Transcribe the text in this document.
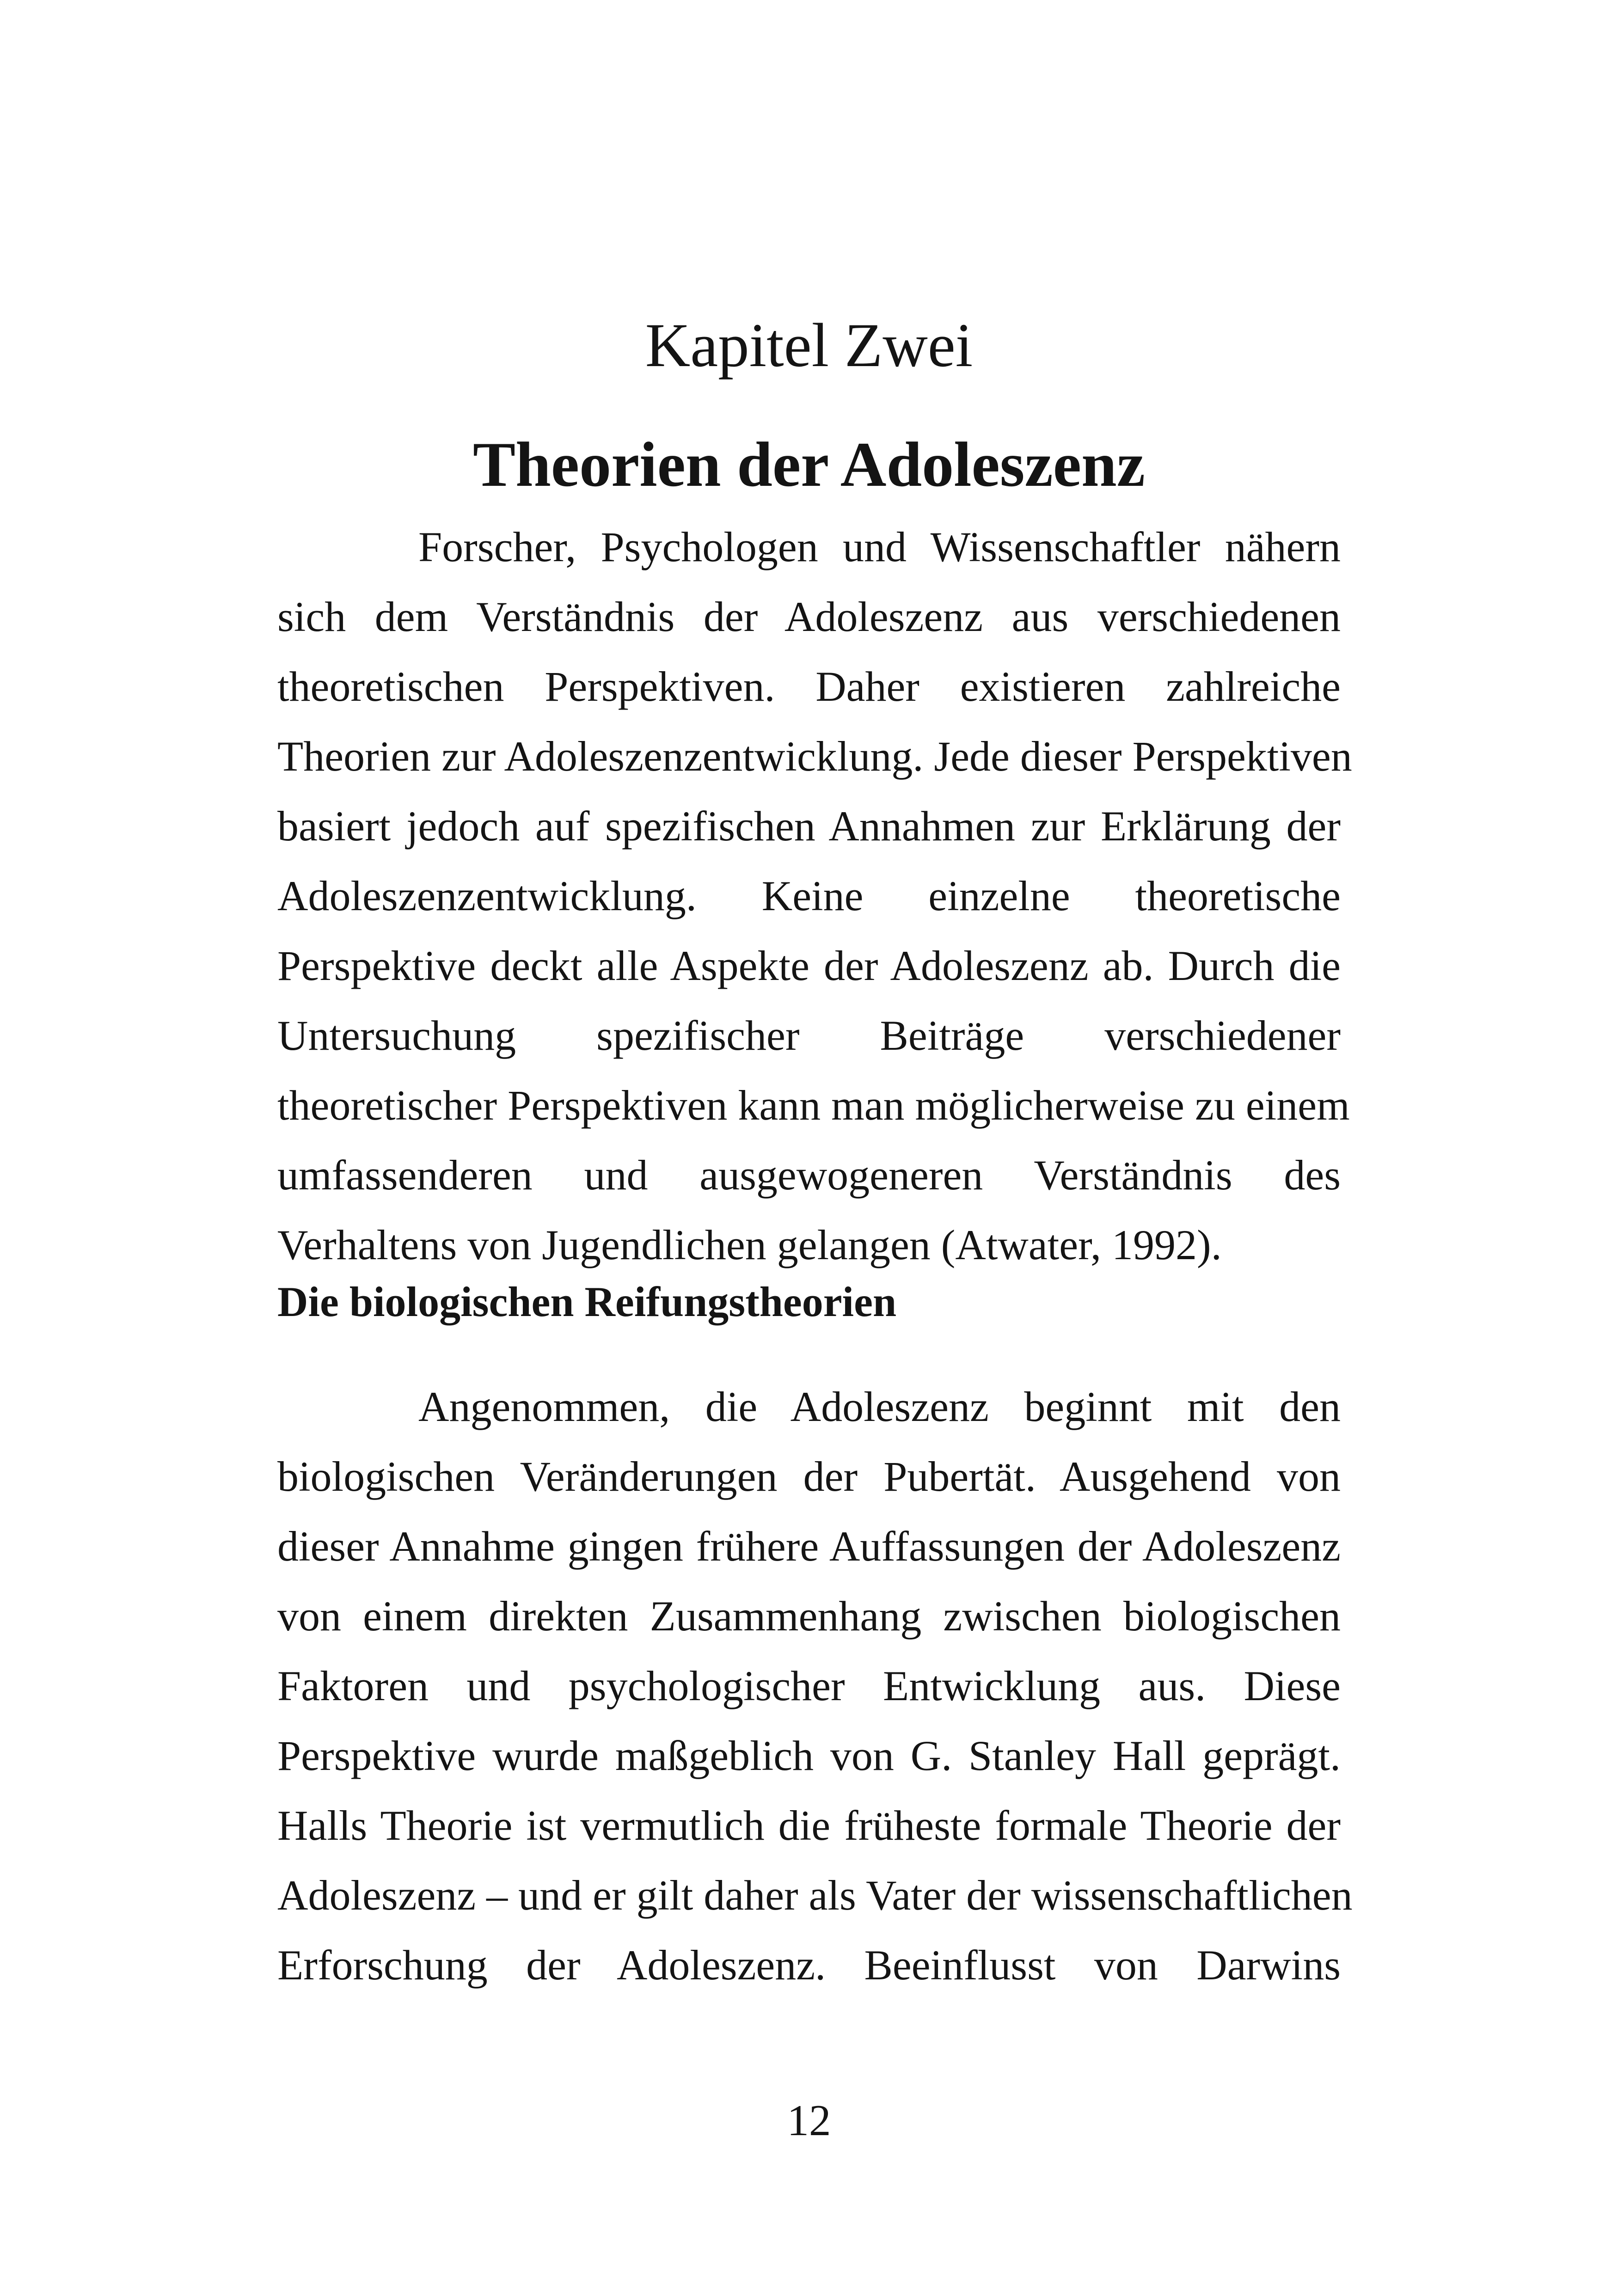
Kapitel Zwei
Theorien der Adoleszenz
Forscher, Psychologen und Wissenschaftler nähern
sich dem Verständnis der Adoleszenz aus verschiedenen
theoretischen Perspektiven. Daher existieren zahlreiche
Theorien zur Adoleszenzentwicklung. Jede dieser Perspektiven
basiert jedoch auf spezifischen Annahmen zur Erklärung der
Adoleszenzentwicklung. Keine einzelne theoretische
Perspektive deckt alle Aspekte der Adoleszenz ab. Durch die
Untersuchung spezifischer Beiträge verschiedener
theoretischer Perspektiven kann man möglicherweise zu einem
umfassenderen und ausgewogeneren Verständnis des
Verhaltens von Jugendlichen gelangen (Atwater, 1992).
Die biologischen Reifungstheorien
Angenommen, die Adoleszenz beginnt mit den
biologischen Veränderungen der Pubertät. Ausgehend von
dieser Annahme gingen frühere Auffassungen der Adoleszenz
von einem direkten Zusammenhang zwischen biologischen
Faktoren und psychologischer Entwicklung aus. Diese
Perspektive wurde maßgeblich von G. Stanley Hall geprägt.
Halls Theorie ist vermutlich die früheste formale Theorie der
Adoleszenz – und er gilt daher als Vater der wissenschaftlichen
Erforschung der Adoleszenz. Beeinflusst von Darwins
12
